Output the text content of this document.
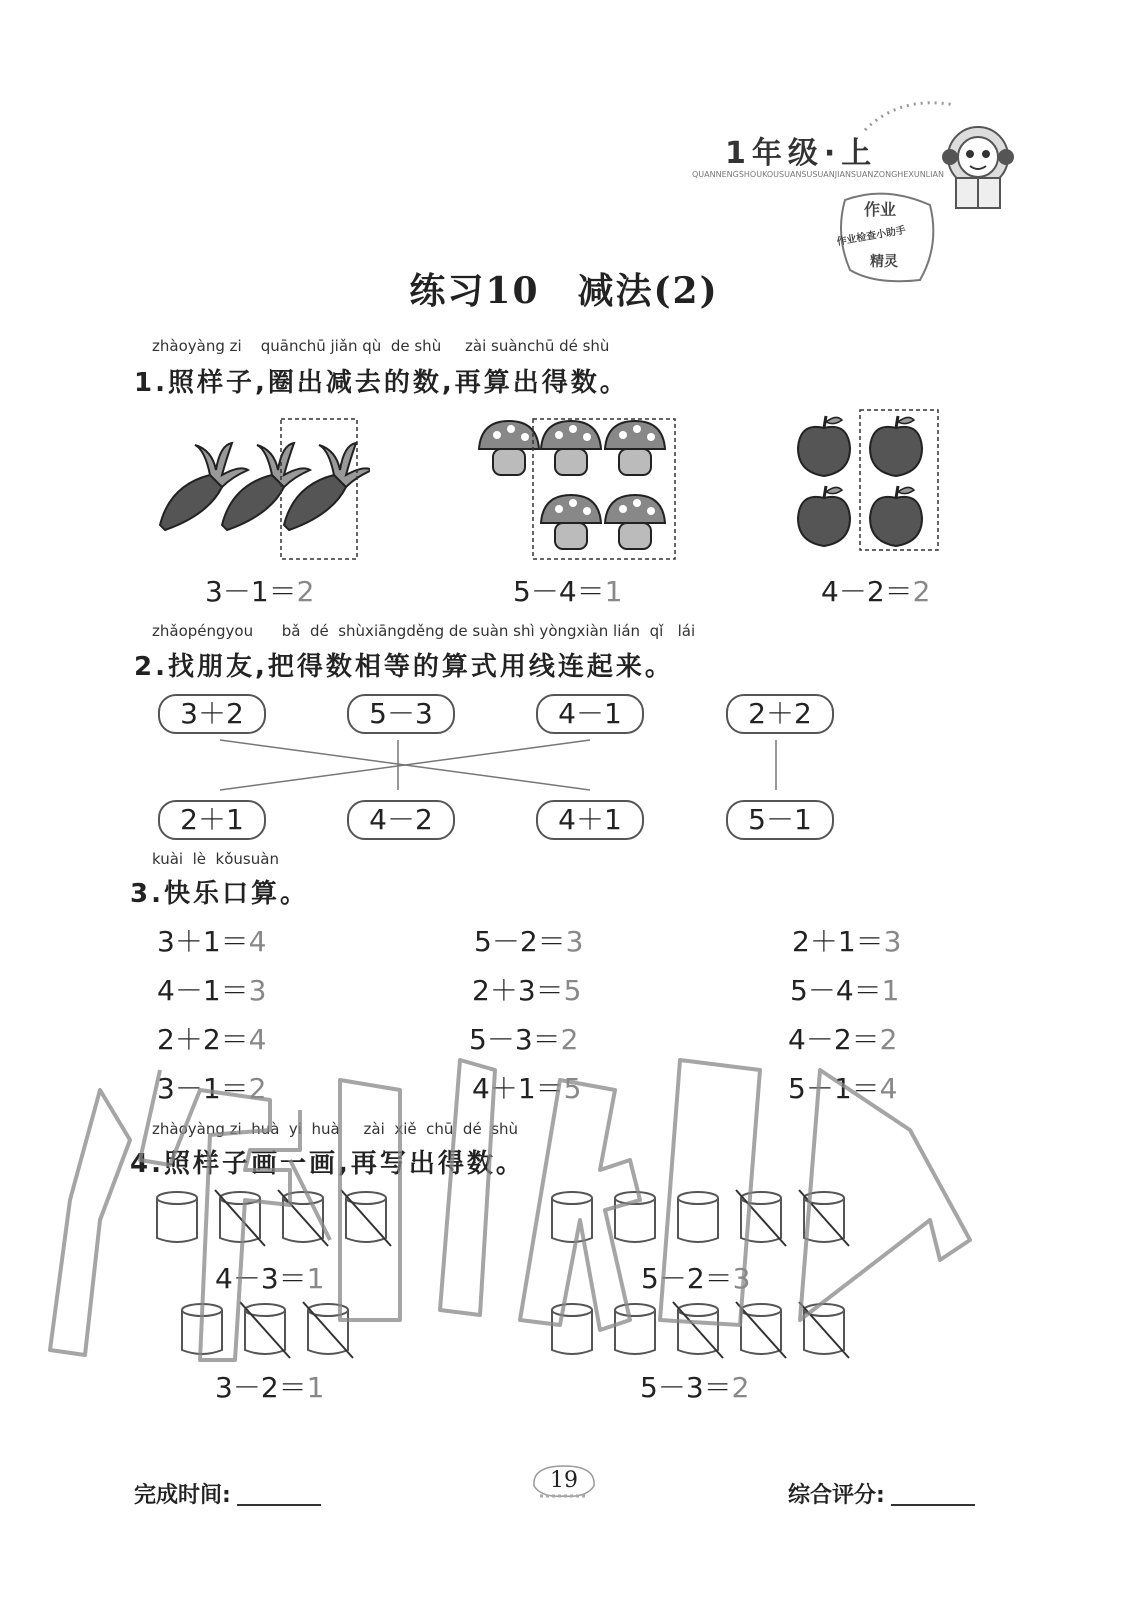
1年级·上
QUANNENGSHOUKOUSUANSUSUANJIANSUANZONGHEXUNLIAN
作业
作业检查小助手
精灵
练习10　减法(2)
zhàoyàng zi    quānchū jiǎn qù  de shù     zài suànchū dé shù
1.照样子,圈出减去的数,再算出得数。
3－1＝2	5－4＝1	4－2＝2
zhǎopéngyou      bǎ  dé  shùxiāngděng de suàn shì yòngxiàn lián  qǐ   lái
2.找朋友,把得数相等的算式用线连起来。
3＋2	5－3	4－1	2＋2
2＋1	4－2	4＋1	5－1
kuài  lè  kǒusuàn
3.快乐口算。
3＋1＝4	5－2＝3	2＋1＝3
4－1＝3	2＋3＝5	5－4＝1
2＋2＝4	5－3＝2	4－2＝2
3－1＝2	4＋1＝5	5－1＝4
zhàoyàng zi  huà  yi  huà     zài  xiě  chū  dé  shù
4.照样子画一画,再写出得数。
4－3＝1	5－2＝3
3－2＝1	5－3＝2
完成时间:
19
综合评分:
